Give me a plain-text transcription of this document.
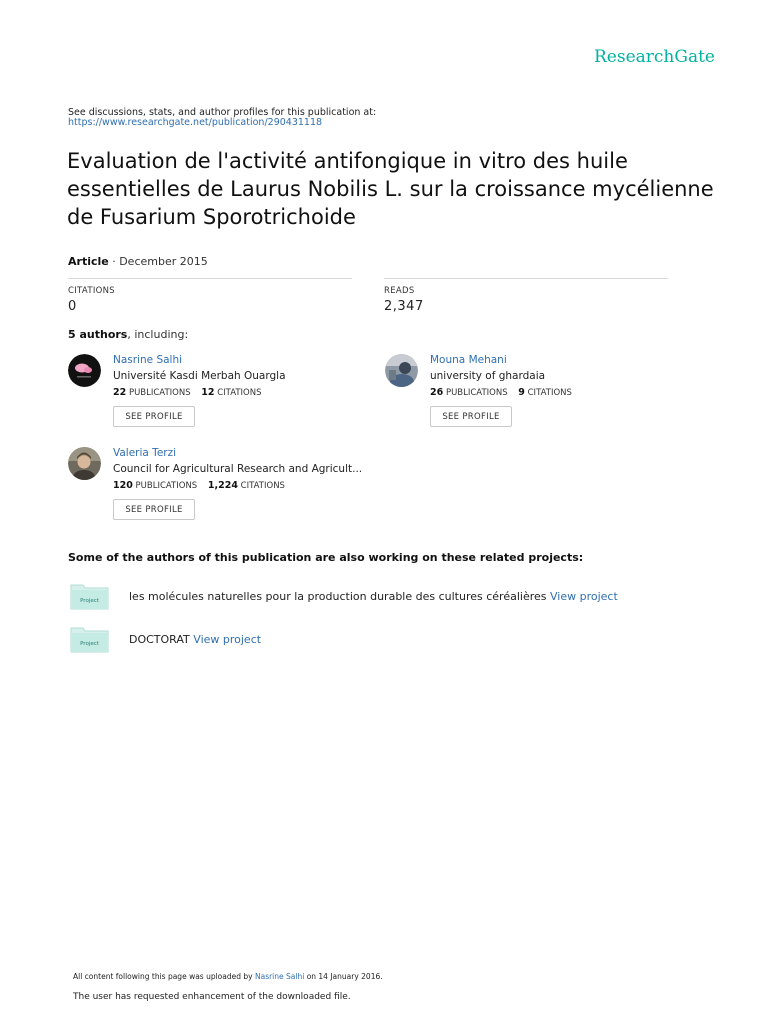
ResearchGate
See discussions, stats, and author profiles for this publication at:
https://www.researchgate.net/publication/290431118
Evaluation de l'activité antifongique in vitro des huile essentielles de Laurus Nobilis L. sur la croissance mycélienne de Fusarium Sporotrichoide
Article · December 2015
CITATIONS
0
READS
2,347
5 authors, including:
Nasrine Salhi
Université Kasdi Merbah Ouargla
22 PUBLICATIONS 12 CITATIONS
SEE PROFILE
Mouna Mehani
university of ghardaia
26 PUBLICATIONS 9 CITATIONS
SEE PROFILE
Valeria Terzi
Council for Agricultural Research and Agricult...
120 PUBLICATIONS 1,224 CITATIONS
SEE PROFILE
Some of the authors of this publication are also working on these related projects:
Project	les molécules naturelles pour la production durable des cultures céréalières View project
Project	DOCTORAT View project
All content following this page was uploaded by Nasrine Salhi on 14 January 2016.
The user has requested enhancement of the downloaded file.
